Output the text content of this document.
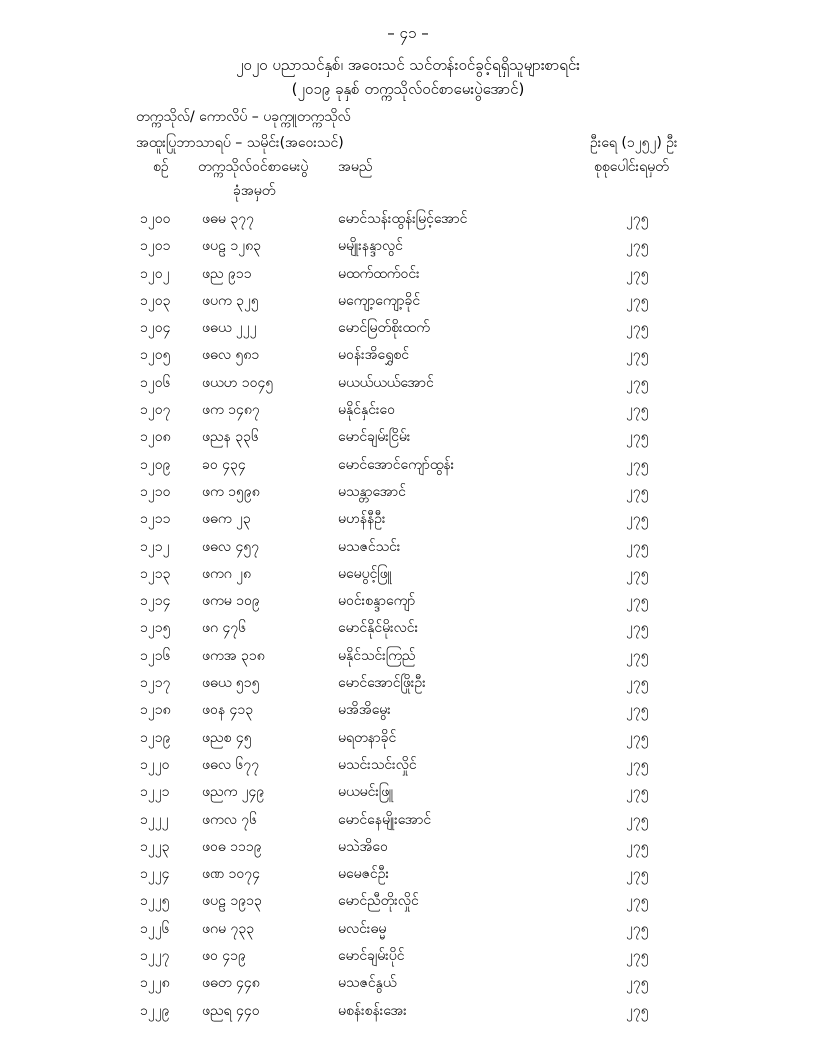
– ၄၁ –
၂၀၂၀ ပညာသင်နှစ်၊ အဝေးသင် သင်တန်းဝင်ခွင့်ရရှိသူများစာရင်း
(၂၀၁၉ ခုနှစ် တက္ကသိုလ်ဝင်စာမေးပွဲအောင်)
တက္ကသိုလ်/ ကောလိပ် – ပခုက္ကူတက္ကသိုလ်
အထူးပြုဘာသာရပ် – သမိုင်း(အဝေးသင်)	ဦးရေ (၁၂၅၂) ဦး
စဉ် တက္ကသိုလ်ဝင်စာမေးပွဲ
ခုံအမှတ်
အမည်	စုစုပေါင်းရမှတ်
၁၂၀၀ ဖဓမ ၃၇၇	မောင်သန်းထွန်းမြင့်အောင်	၂၇၅
၁၂၀၁ ဖပဠ ၁၂၈၃	မမျိုးနန္ဒာလွင်	၂၇၅
၁၂၀၂ ဖည ၉၁၁	မထက်ထက်ဝင်း	၂၇၅
၁၂၀၃ ဖပက ၃၂၅	မကျော့ကျော့ခိုင်	၂၇၅
၁၂၀၄ ဖဓယ ၂၂၂	မောင်မြတ်စိုးထက်	၂၇၅
၁၂၀၅ ဖဓလ ၅၈၁	မဝန်းအိရွှေစင်	၂၇၅
၁၂၀၆ ဖယဟ ၁၀၄၅	မယယ်ယယ်အောင်	၂၇၅
၁၂၀၇ ဖက ၁၄၈၇	မနိုင်နှင်းဝေ	၂၇၅
၁၂၀၈ ဖညန ၃၃၆	မောင်ချမ်းငြိမ်း	၂၇၅
၁၂၀၉ ခဝ ၄၃၄	မောင်အောင်ကျော်ထွန်း	၂၇၅
၁၂၁၀ ဖက ၁၅၉၈	မသန္တာအောင်	၂၇၅
၁၂၁၁ ဖဓက ၂၃	မဟန်နီဦး	၂၇၅
၁၂၁၂ ဖဓလ ၄၅၇	မသဇင်သင်း	၂၇၅
၁၂၁၃ ဖကဂ ၂၈	မမေပွင့်ဖြူ	၂၇၅
၁၂၁၄ ဖကမ ၁၀၉	မဝင်းစန္ဒာကျော်	၂၇၅
၁၂၁၅ ဖဂ ၄၇၆	မောင်နိုင်မိုးလင်း	၂၇၅
၁၂၁၆ ဖကအ ၃၁၈	မနိုင်သင်းကြည်	၂၇၅
၁၂၁၇ ဖဓယ ၅၁၅	မောင်အောင်ဖြိုးဦး	၂၇၅
၁၂၁၈ ဖဝန ၄၁၃	မအိအိမွေး	၂၇၅
၁၂၁၉ ဖညစ ၄၅	မရတနာခိုင်	၂၇၅
၁၂၂၀ ဖဓလ ၆၇၇	မသင်းသင်းလှိုင်	၂၇၅
၁၂၂၁ ဖညက ၂၄၉	မယမင်းဖြူ	၂၇၅
၁၂၂၂ ဖကလ ၇၆	မောင်နေမျိုးအောင်	၂၇၅
၁၂၂၃ ဖဝဓ ၁၁၁၉	မသဲအိဝေ	၂၇၅
၁၂၂၄ ဖဏ ၁၀၇၄	မမေဇင်ဦး	၂၇၅
၁၂၂၅ ဖပဠ ၁၉၁၃	မောင်ညီတိုးလှိုင်	၂၇၅
၁၂၂၆ ဖဂမ ၇၃၃	မလင်းဓမ္မ	၂၇၅
၁၂၂၇ ဖဝ ၄၁၉	မောင်ချမ်းပိုင်	၂၇၅
၁၂၂၈ ဖဓတ ၄၄၈	မသဇင်နွယ်	၂၇၅
၁၂၂၉ ဖညရ ၄၄၀	မစန်းစန်းအေး	၂၇၅
